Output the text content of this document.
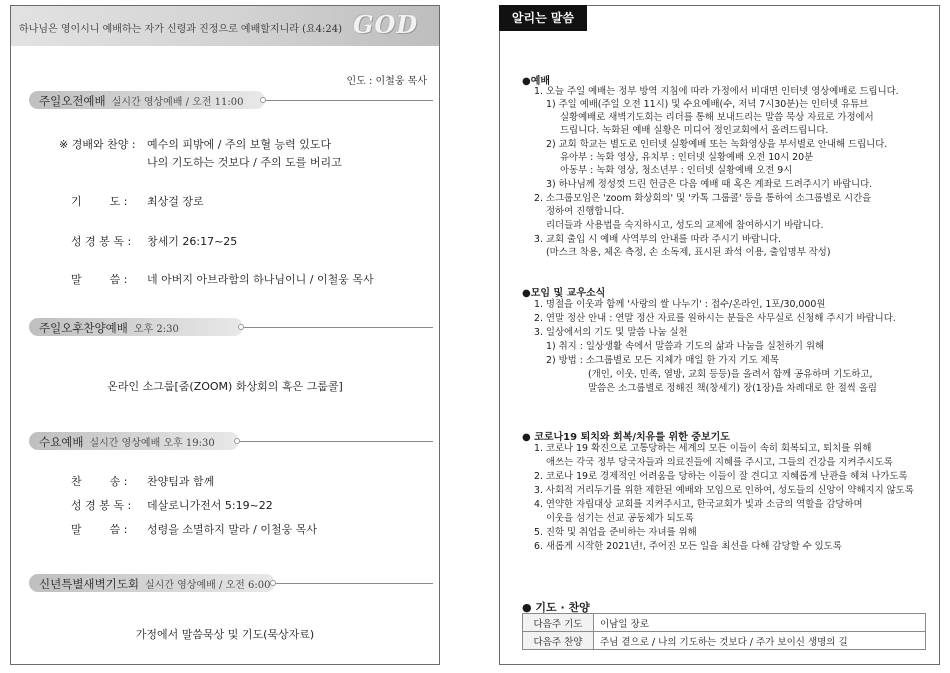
하나님은 영이시니 예배하는 자가 신령과 진정으로 예배할지니라 (요4:24) GOD
인도 : 이철웅 목사
주일오전예배 실시간 영상예배 / 오전 11:00
※ 경배와 찬양 : 예수의 피밖에 / 주의 보혈 능력 있도다
나의 기도하는 것보다 / 주의 도를 버리고
기        도 : 최상걸 장로
성 경 봉 독 : 창세기 26:17~25
말        씀 : 네 아버지 아브라함의 하나님이니 / 이철웅 목사
주일오후찬양예배 오후 2:30
온라인 소그룹[줌(ZOOM) 화상회의 혹은 그룹콜]
수요예배 실시간 영상예배 오후 19:30
찬        송 : 찬양팀과 함께
성 경 봉 독 : 데살로니가전서 5:19~22
말        씀 : 성령을 소멸하지 말라 / 이철웅 목사
신년특별새벽기도회 실시간 영상예배 / 오전 6:00
가정에서 말씀묵상 및 기도(묵상자료)
알리는 말씀
●예배
1. 오늘 주일 예배는 정부 방역 지침에 따라 가정에서 비대면 인터넷 영상예배로 드립니다.
1) 주일 예배(주일 오전 11시) 및 수요예배(수, 저녁 7시30분)는 인터넷 유튜브
실황예배로 새벽기도회는 리더를 통해 보내드리는 말씀 묵상 자료로 가정에서
드립니다. 녹화된 예배 실황은 미디어 정인교회에서 올려드립니다.
2) 교회 학교는 별도로 인터넷 실황예배 또는 녹화영상을 부서별로 안내해 드립니다.
유아부 : 녹화 영상, 유치부 : 인터넷 실황예배 오전 10시 20분
아동부 : 녹화 영상, 청소년부 : 인터넷 실황예배 오전 9시
3) 하나님께 정성껏 드린 헌금은 다음 예배 때 혹은 계좌로 드려주시기 바랍니다.
2. 소그룹모임은 'zoom 화상회의' 및 '카톡 그룹콜' 등을 통하여 소그룹별로 시간을
정하여 진행합니다.
리더들과 사용법을 숙지하시고, 성도의 교제에 참여하시기 바랍니다.
3. 교회 출입 시 예배 사역부의 안내를 따라 주시기 바랍니다.
(마스크 착용, 체온 측정, 손 소독제, 표시된 좌석 이용, 출입명부 작성)
●모임 및 교우소식
1. 명절을 이웃과 함께 '사랑의 쌀 나누기' : 접수/온라인, 1포/30,000원
2. 연말 정산 안내 : 연말 정산 자료를 원하시는 분들은 사무실로 신청해 주시기 바랍니다.
3. 일상에서의 기도 및 말씀 나눔 실천
1) 취지 : 일상생활 속에서 말씀과 기도의 삶과 나눔을 실천하기 위해
2) 방법 : 소그룹별로 모든 지체가 매일 한 가지 기도 제목
(개인, 이웃, 민족, 열방, 교회 등등)을 올려서 함께 공유하며 기도하고,
말씀은 소그룹별로 정해진 책(창세기) 장(1장)을 차례대로 한 절씩 올림
● 코로나19 퇴치와 회복/치유를 위한 중보기도
1. 코로나 19 확진으로 고통당하는 세계의 모든 이들이 속히 회복되고, 퇴치를 위해
애쓰는 각국 정부 당국자들과 의료진들에 지혜를 주시고, 그들의 건강을 지켜주시도록
2. 코로나 19로 경제적인 어려움을 당하는 이들이 잘 견디고 지혜롭게 난관을 헤쳐 나가도록
3. 사회적 거리두기를 위한 제한된 예배와 모임으로 인하여, 성도들의 신앙이 약해지지 않도록
4. 연약한 자립대상 교회를 지켜주시고, 한국교회가 빛과 소금의 역할을 감당하며
이웃을 섬기는 선교 공동체가 되도록
5. 진학 및 취업을 준비하는 자녀를 위해
6. 새롭게 시작한 2021년!, 주어진 모든 일을 최선을 다해 감당할 수 있도록
● 기도 · 찬양
다음주 기도	이남일 장로
다음주 찬양	주님 곁으로 / 나의 기도하는 것보다 / 주가 보이신 생명의 길
